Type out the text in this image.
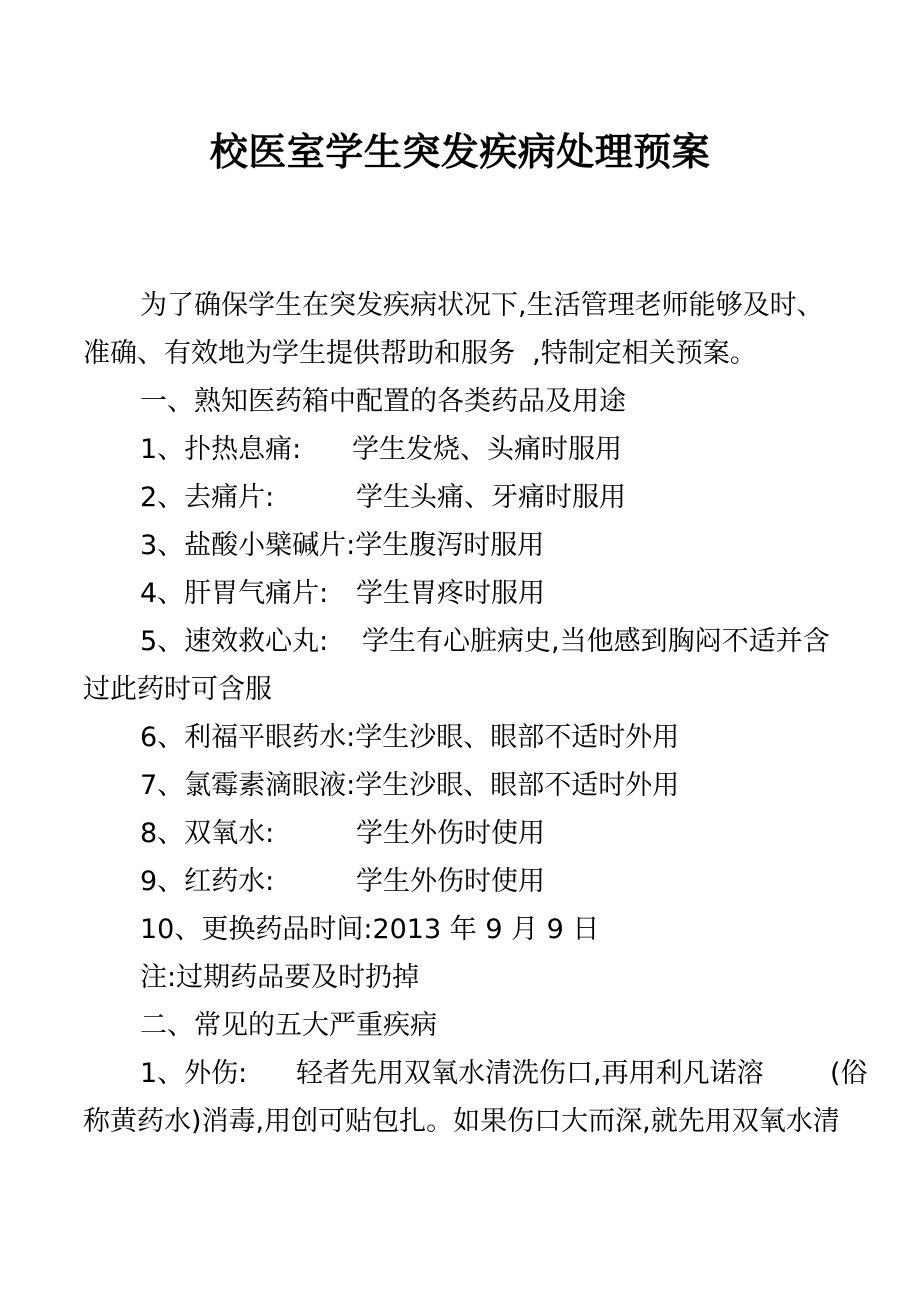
校医室学生突发疾病处理预案
为了确保学生在突发疾病状况下,生活管理老师能够及时、
准确、有效地为学生提供帮助和服务  ,特制定相关预案。
一、熟知医药箱中配置的各类药品及用途
1、扑热息痛: 学生发烧、头痛时服用
2、去痛片:	学生头痛、牙痛时服用
3、盐酸小檗碱片:学生腹泻时服用
4、肝胃气痛片: 学生胃疼时服用
5、速效救心丸: 学生有心脏病史,当他感到胸闷不适并含
过此药时可含服
6、利福平眼药水:学生沙眼、眼部不适时外用
7、氯霉素滴眼液:学生沙眼、眼部不适时外用
8、双氧水:	学生外伤时使用
9、红药水:	学生外伤时使用
10、更换药品时间:2013 年 9 月 9 日
注:过期药品要及时扔掉
二、常见的五大严重疾病
1、外伤: 轻者先用双氧水清洗伤口,再用利凡诺溶 (俗
称黄药水)消毒,用创可贴包扎。如果伤口大而深,就先用双氧水清
